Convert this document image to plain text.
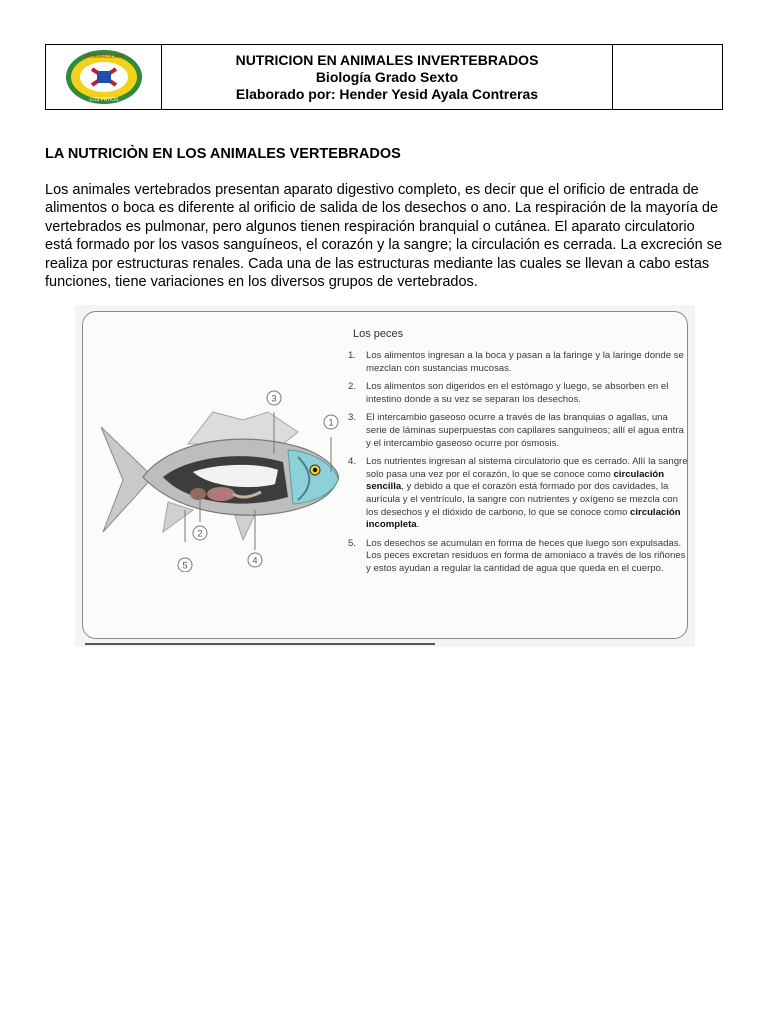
LA INMACULADA
LOS PATIOS
NUTRICION EN ANIMALES INVERTEBRADOS
Biología Grado Sexto
Elaborado por: Hender Yesid Ayala Contreras
LA NUTRICIÒN EN LOS ANIMALES VERTEBRADOS

Los animales vertebrados presentan aparato digestivo completo, es decir que el orificio de entrada de alimentos o boca es diferente al orificio de salida de los desechos o ano. La respiración de la mayoría de vertebrados es pulmonar, pero algunos tienen respiración branquial o cutánea. El aparato circulatorio está formado por los vasos sanguíneos, el corazón y la sangre; la circulación es cerrada. La excreción se realiza por estructuras renales. Cada una de las estructuras mediante las cuales se llevan a cabo estas funciones, tiene variaciones en los diversos grupos de vertebrados.

3
1
2
4
5
Los peces
1. Los alimentos ingresan a la boca y pasan a la faringe y la laringe donde se mezclan con sustancias mucosas.
2. Los alimentos son digeridos en el estómago y luego, se absorben en el intestino donde a su vez se separan los desechos.
3. El intercambio gaseoso ocurre a través de las branquias o agallas, una serie de láminas superpuestas con capilares sanguíneos; allí el agua entra y el intercambio gaseoso ocurre por ósmosis.
4. Los nutrientes ingresan al sistema circulatorio que es cerrado. Allí la sangre solo pasa una vez por el corazón, lo que se conoce como circulación sencilla, y debido a que el corazón está formado por dos cavidades, la aurícula y el ventrículo, la sangre con nutrientes y oxígeno se mezcla con los desechos y el dióxido de carbono, lo que se conoce como circulación incompleta.
5. Los desechos se acumulan en forma de heces que luego son expulsadas. Los peces excretan residuos en forma de amoniaco a través de los riñones y estos ayudan a regular la cantidad de agua que queda en el cuerpo.
